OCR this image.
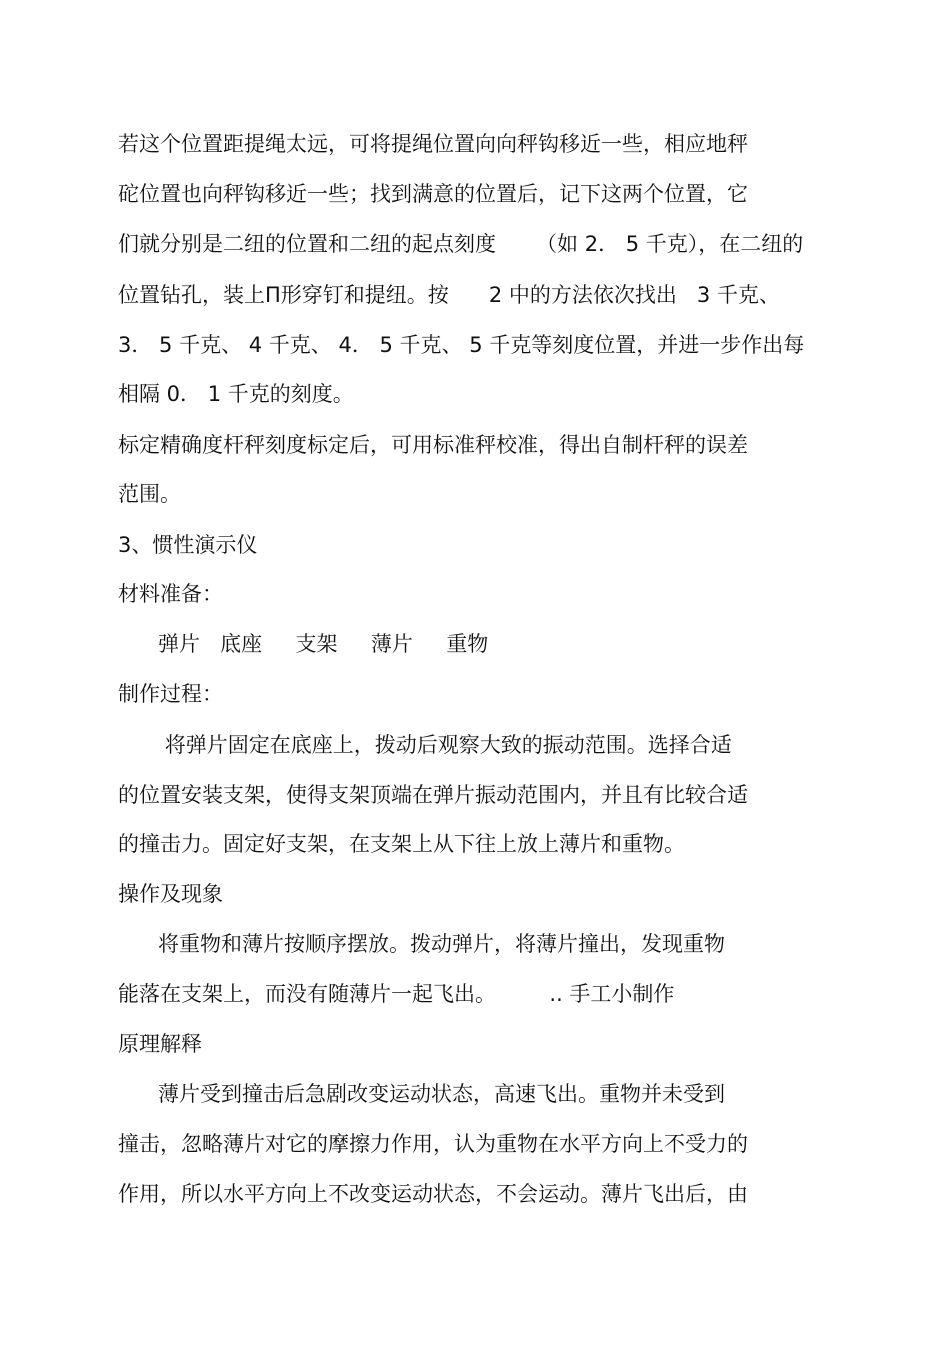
若这个位置距提绳太远，可将提绳位置向向秤钩移近一些，相应地秤

砣位置也向秤钩移近一些；找到满意的位置后，记下这两个位置，它

们就分别是二纽的位置和二纽的起点刻度      （如 2． 5 千克），在二纽的

位置钻孔，装上Π形穿钉和提纽。按      2 中的方法依次找出   3 千克、

3． 5 千克、 4 千克、 4． 5 千克、 5 千克等刻度位置，并进一步作出每

相隔 0． 1 千克的刻度。

标定精确度杆秤刻度标定后，可用标准秤校准，得出自制杆秤的误差

范围。

3、惯性演示仪

材料准备：

弹片   底座     支架     薄片     重物

制作过程：

将弹片固定在底座上，拨动后观察大致的振动范围。选择合适

的位置安装支架，使得支架顶端在弹片振动范围内，并且有比较合适

的撞击力。固定好支架，在支架上从下往上放上薄片和重物。

操作及现象

将重物和薄片按顺序摆放。拨动弹片，将薄片撞出，发现重物

能落在支架上，而没有随薄片一起飞出。        .. 手工小制作

原理解释

薄片受到撞击后急剧改变运动状态，高速飞出。重物并未受到

撞击，忽略薄片对它的摩擦力作用，认为重物在水平方向上不受力的

作用，所以水平方向上不改变运动状态，不会运动。薄片飞出后，由
